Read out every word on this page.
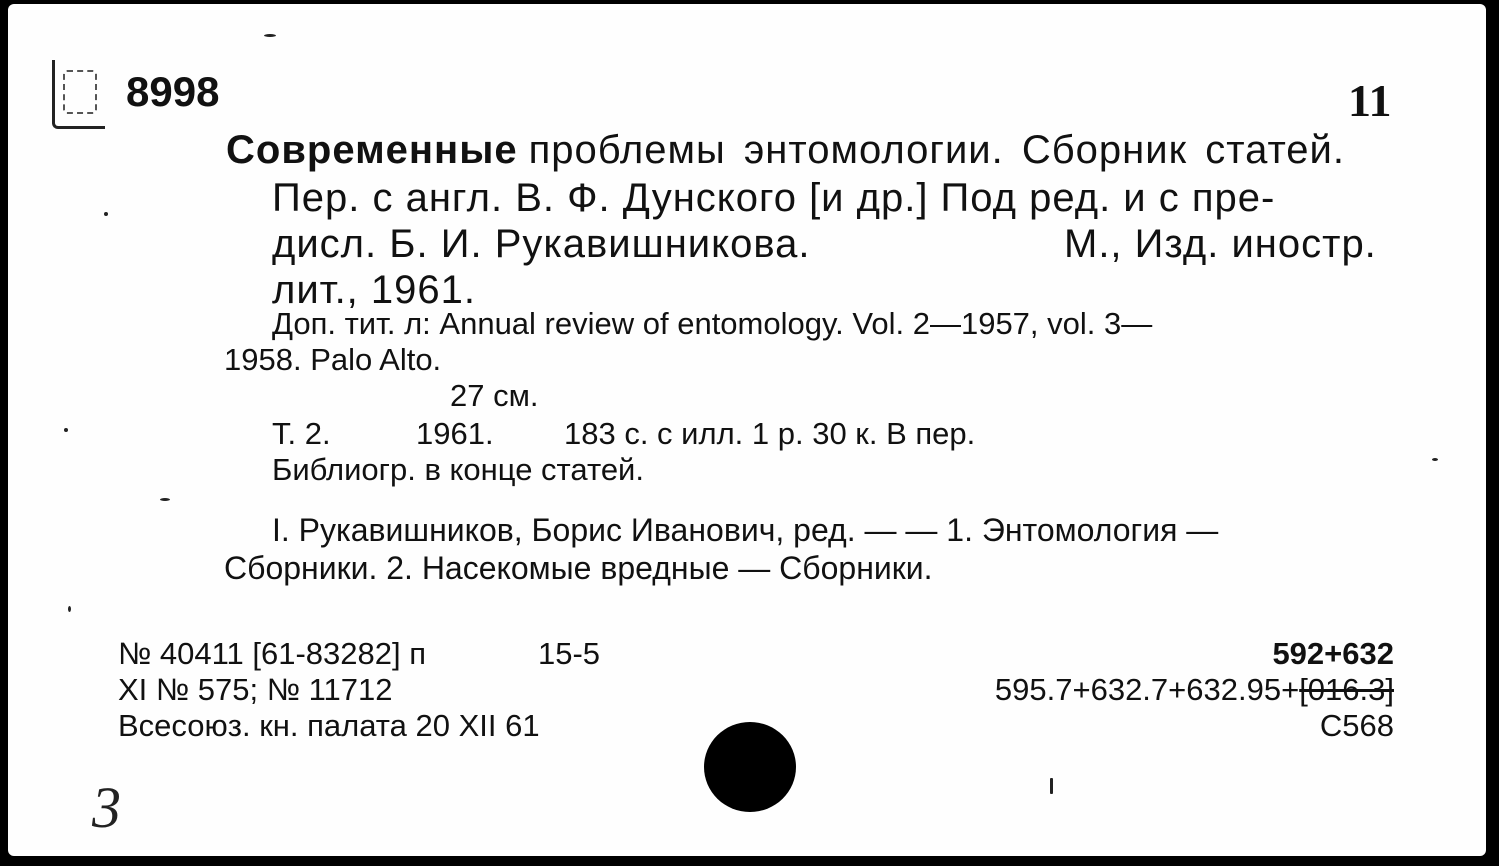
8998	11
Современные проблемы энтомологии. Сборник статей.
Пер. с англ. В. Ф. Дунского [и др.] Под ред. и с пре-
дисл. Б. И. Рукавишникова.	М., Изд. иностр.
лит., 1961.
Доп. тит. л: Annual review of entomology. Vol. 2—1957, vol. 3—
1958. Palo Alto.
27 см.
Т. 2.	1961. 183 с. с илл. 1 р. 30 к. В пер.
Библиогр. в конце статей.
I. Рукавишников, Борис Иванович, ред. — — 1. Энтомология —
Сборники. 2. Насекомые вредные — Сборники.
№ 40411 [61-83282] п	15-5
XI № 575; № 11712
Всесоюз. кн. палата 20 XII 61
592+632
595.7+632.7+632.95+[016.3]
С568
3
